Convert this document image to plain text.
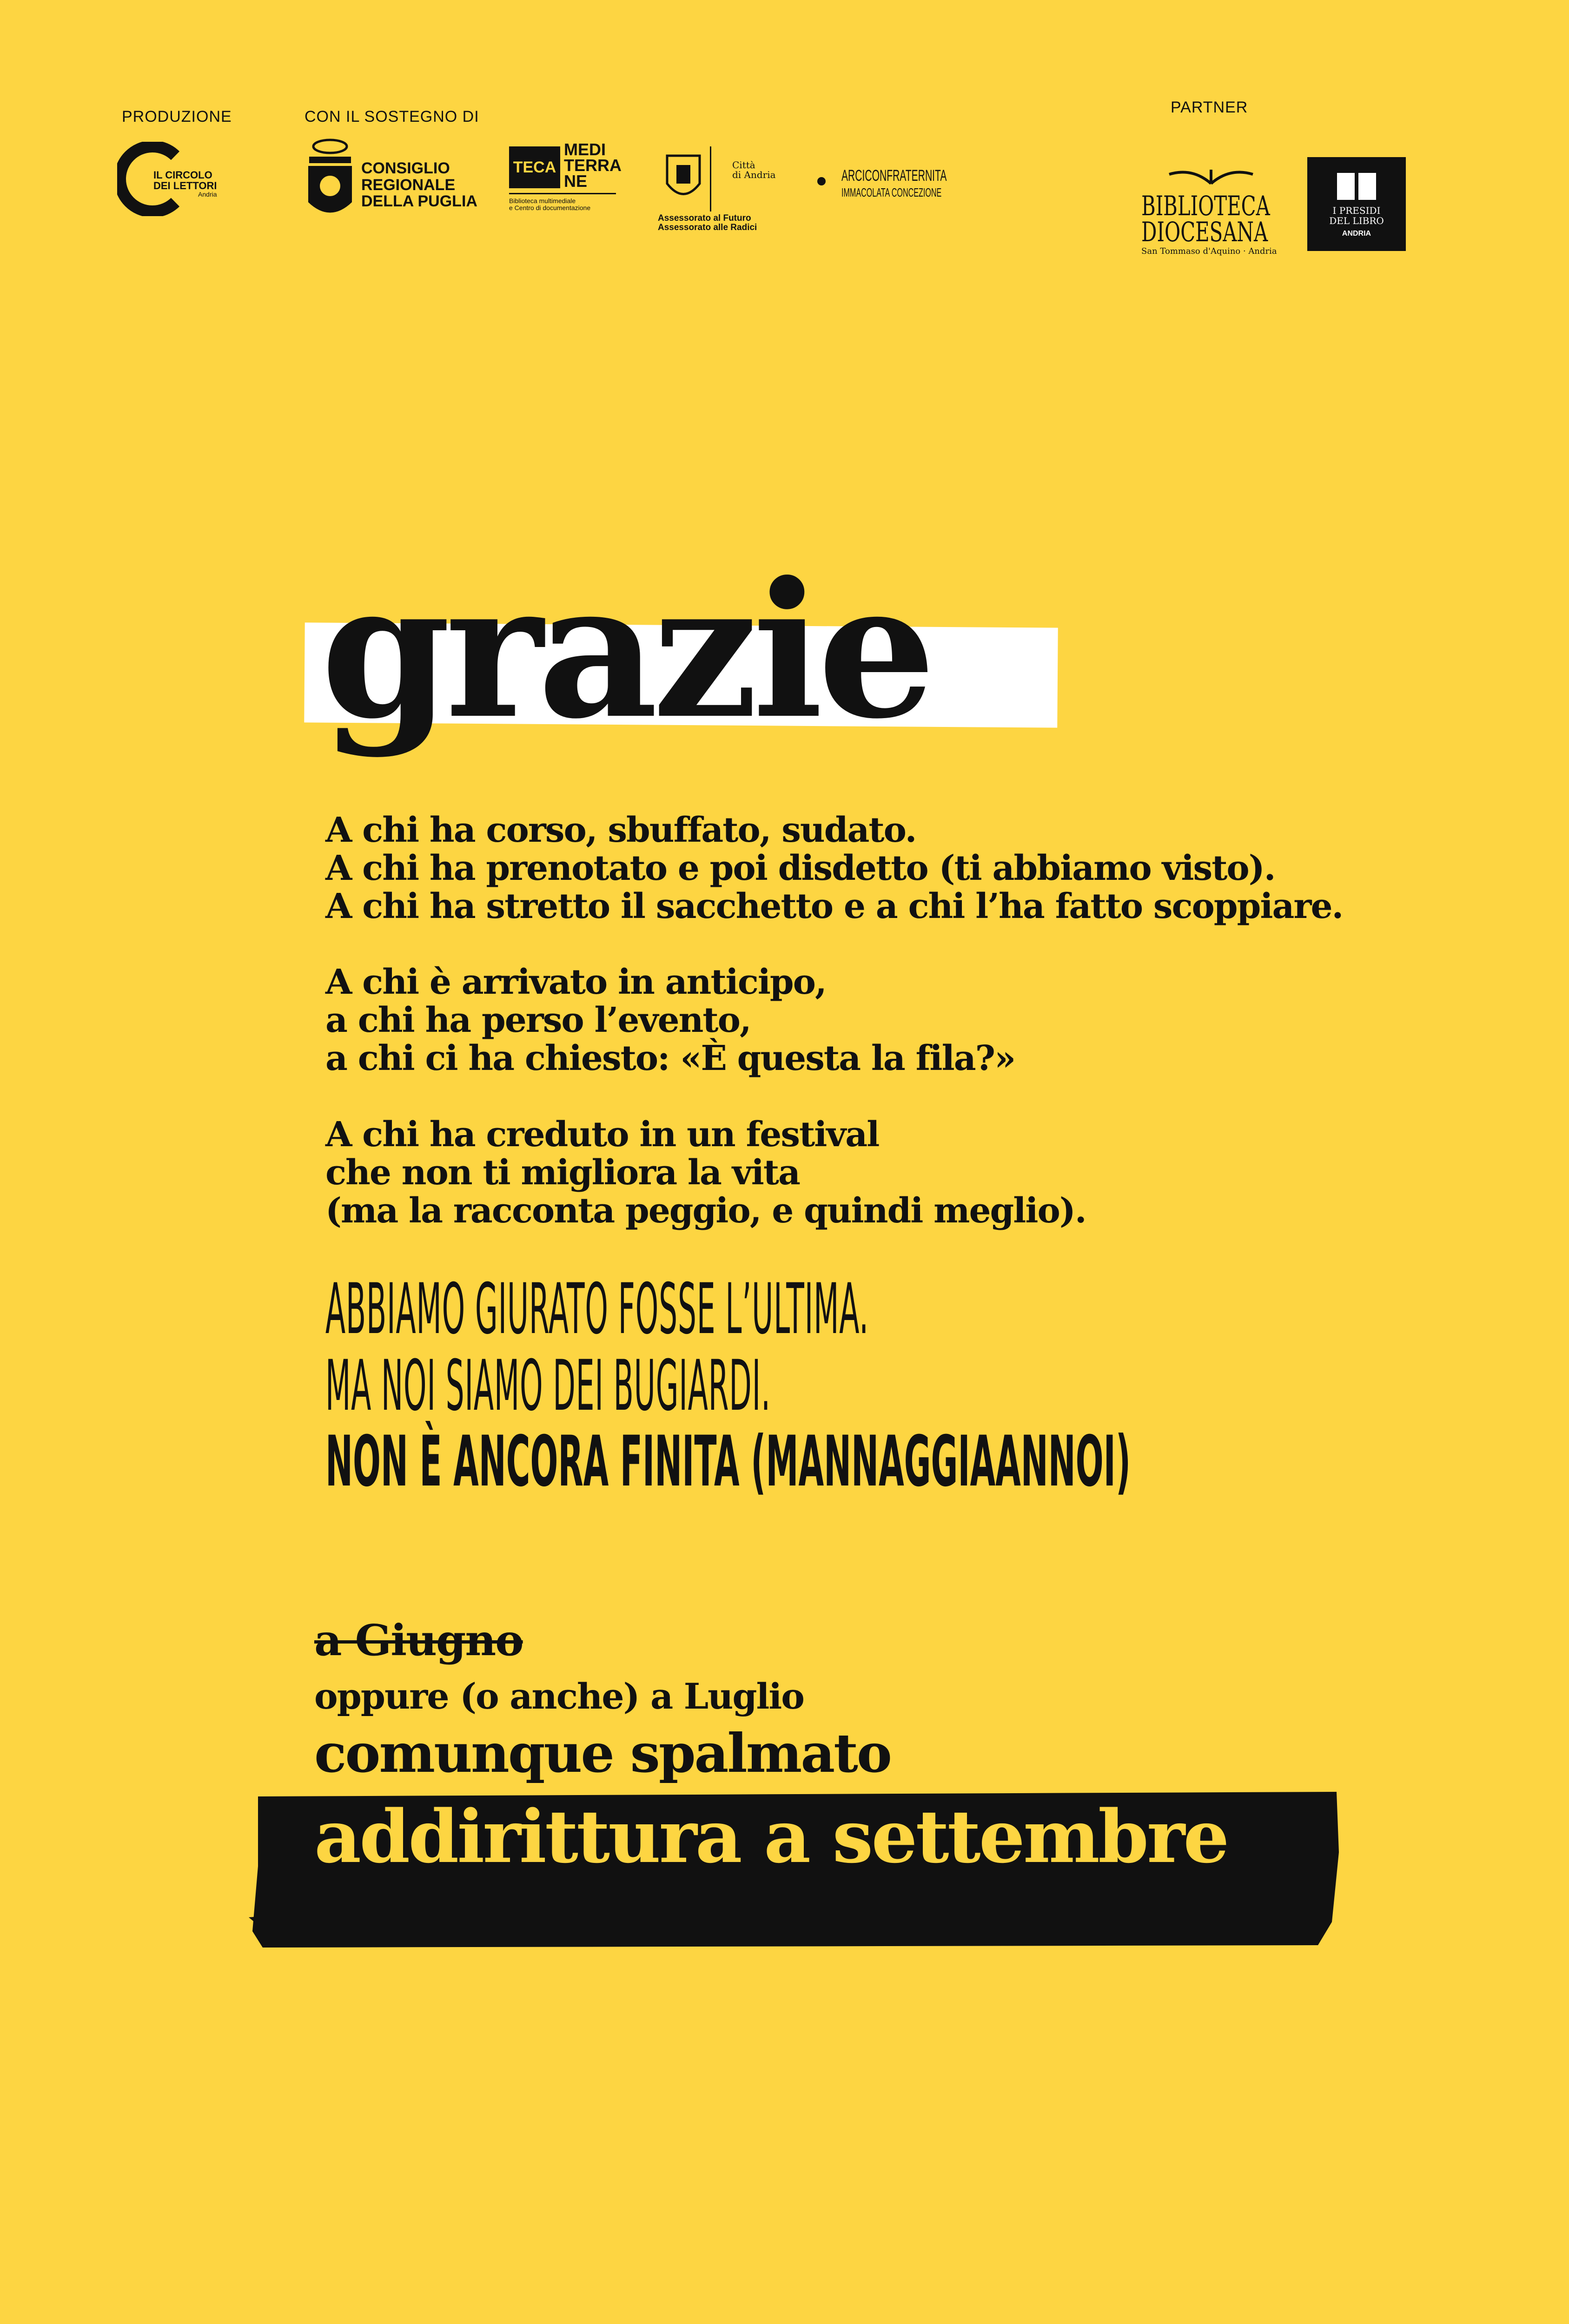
PRODUZIONE	CON IL SOSTEGNO DI
PARTNER
IL CIRCOLO
DEI LETTORI
Andria
CONSIGLIO
REGIONALE
DELLA PUGLIA
TECA
MEDI
TERRA
NE
Biblioteca multimediale
e Centro di documentazione
Città
di Andria
Assessorato al Futuro
Assessorato alle Radici
ARCICONFRATERNITA
IMMACOLATA CONCEZIONE	BIBLIOTECA
DIOCESANA
San Tommaso d'Aquino · Andria
I PRESIDI
DEL LIBRO
ANDRIA
grazie
A chi ha corso, sbuffato, sudato.
A chi ha prenotato e poi disdetto (ti abbiamo visto).
A chi ha stretto il sacchetto e a chi l’ha fatto scoppiare.
A chi è arrivato in anticipo,
a chi ha perso l’evento,
a chi ci ha chiesto: «È questa la fila?»
A chi ha creduto in un festival
che non ti migliora la vita
(ma la racconta peggio, e quindi meglio).
ABBIAMO GIURATO FOSSE L’ULTIMA.
MA NOI SIAMO DEI BUGIARDI.
NON È ANCORA FINITA (MANNAGGIAANNOI)
a Giugno
oppure (o anche) a Luglio
comunque spalmato
addirittura a settembre
